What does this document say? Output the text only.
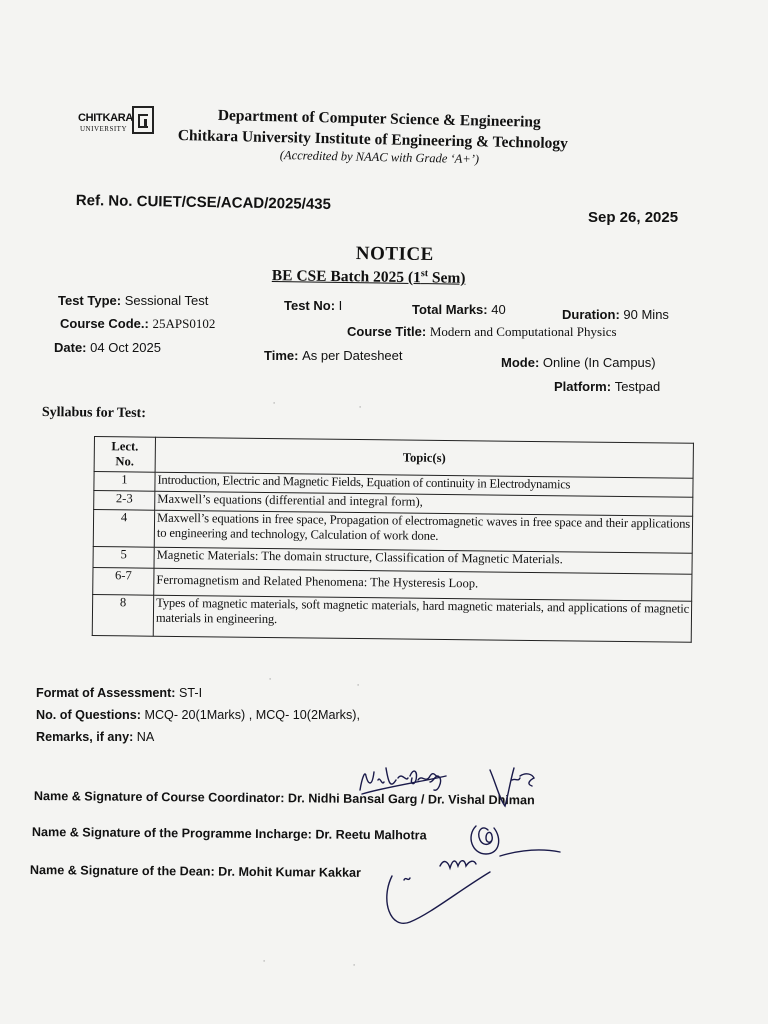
CHITKARA
UNIVERSITY	Department of Computer Science & Engineering
Chitkara University Institute of Engineering & Technology
(Accredited by NAAC with Grade ‘A+’)
Ref. No. CUIET/CSE/ACAD/2025/435
Sep 26, 2025
NOTICE
BE CSE Batch 2025 (1st Sem)
Test Type: Sessional Test	Test No: I	Total Marks: 40	Duration: 90 Mins
Course Code.: 25APS0102
Course Title: Modern and Computational Physics
Date: 04 Oct 2025
Time: As per Datesheet	Mode: Online (In Campus)
Platform: Testpad
Syllabus for Test:
Lect.
No.	Topic(s)
1	Introduction, Electric and Magnetic Fields, Equation of continuity in Electrodynamics
2-3	Maxwell’s equations (differential and integral form),
4	Maxwell’s equations in free space, Propagation of electromagnetic waves in free space and their applications to engineering and technology, Calculation of work done.
5	Magnetic Materials: The domain structure, Classification of Magnetic Materials.
6-7	Ferromagnetism and Related Phenomena: The Hysteresis Loop.
8	Types of magnetic materials, soft magnetic materials, hard magnetic materials, and applications of magnetic materials in engineering.
Format of Assessment: ST-I
No. of Questions: MCQ- 20(1Marks) , MCQ- 10(2Marks),
Remarks, if any: NA
Name & Signature of Course Coordinator: Dr. Nidhi Bansal Garg / Dr. Vishal Dhiman
Name & Signature of the Programme Incharge: Dr. Reetu Malhotra
Name & Signature of the Dean: Dr. Mohit Kumar Kakkar
·	·
·
·
·	·
